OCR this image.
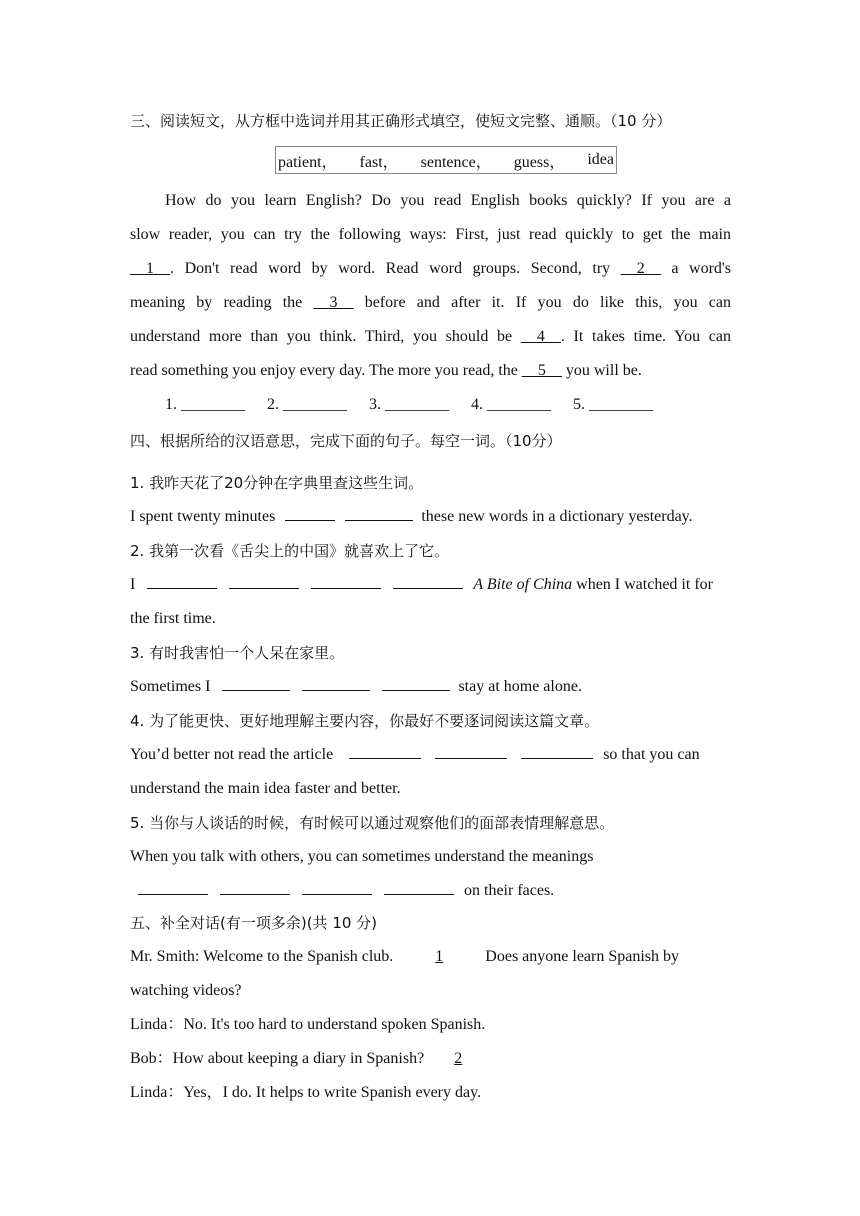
三、阅读短文，从方框中选词并用其正确形式填空，使短文完整、通顺。（10 分）
patient， fast， sentence， guess， idea
How do you learn English? Do you read English books quickly? If you are a
slow reader, you can try the following ways: First, just read quickly to get the main
__1__. Don't read word by word. Read word groups. Second, try __2__ a word's
meaning by reading the __3__ before and after it. If you do like this, you can
understand more than you think. Third, you should be __4__. It takes time. You can
read something you enjoy every day. The more you read, the __5__ you will be.
1. ________ 2. ________ 3. ________ 4. ________ 5. ________
四、根据所给的汉语意思，完成下面的句子。每空一词。（10分）
1. 我昨天花了20分钟在字典里查这些生词。
I spent twenty minutes	these new words in a dictionary yesterday.
2. 我第一次看《舌尖上的中国》就喜欢上了它。
I	A Bite of China when I watched it for
the first time.
3. 有时我害怕一个人呆在家里。
Sometimes I	stay at home alone.
4. 为了能更快、更好地理解主要内容，你最好不要逐词阅读这篇文章。
You’d better not read the article	so that you can
understand the main idea faster and better.
5. 当你与人谈话的时候，有时候可以通过观察他们的面部表情理解意思。
When you talk with others, you can sometimes understand the meanings
on their faces.
五、补全对话(有一项多余)(共 10 分)
Mr. Smith: Welcome to the Spanish club.	1	Does anyone learn Spanish by
watching videos?
Linda：No. It's too hard to understand spoken Spanish.
Bob：How about keeping a diary in Spanish? 2
Linda：Yes，I do. It helps to write Spanish every day.
